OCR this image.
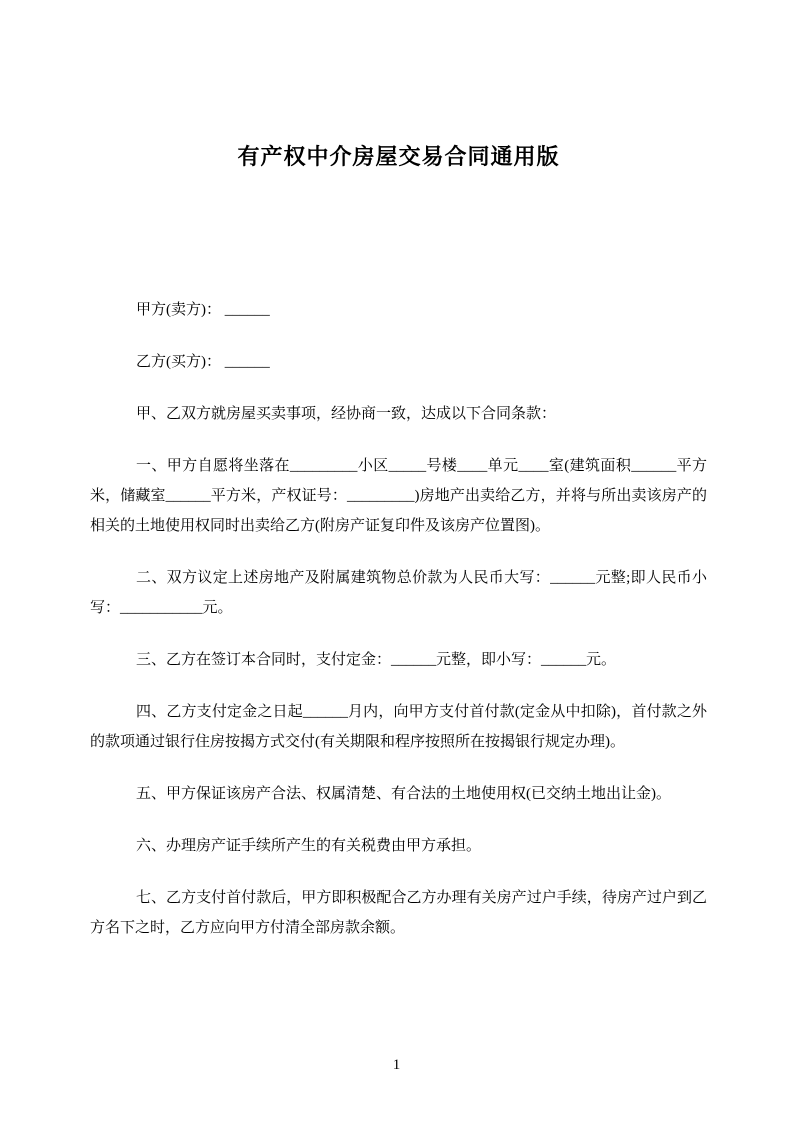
有产权中介房屋交易合同通用版

甲方(卖方)： ______

乙方(买方)： ______

甲、乙双方就房屋买卖事项，经协商一致，达成以下合同条款：

一、甲方自愿将坐落在_________小区_____号楼____单元____室(建筑面积______平方米，储藏室______平方米，产权证号：_________)房地产出卖给乙方，并将与所出卖该房产的相关的土地使用权同时出卖给乙方(附房产证复印件及该房产位置图)。

二、双方议定上述房地产及附属建筑物总价款为人民币大写：______元整;即人民币小写：___________元。

三、乙方在签订本合同时，支付定金：______元整，即小写：______元。

四、乙方支付定金之日起______月内，向甲方支付首付款(定金从中扣除)，首付款之外的款项通过银行住房按揭方式交付(有关期限和程序按照所在按揭银行规定办理)。

五、甲方保证该房产合法、权属清楚、有合法的土地使用权(已交纳土地出让金)。

六、办理房产证手续所产生的有关税费由甲方承担。

七、乙方支付首付款后，甲方即积极配合乙方办理有关房产过户手续，待房产过户到乙方名下之时，乙方应向甲方付清全部房款余额。

1
